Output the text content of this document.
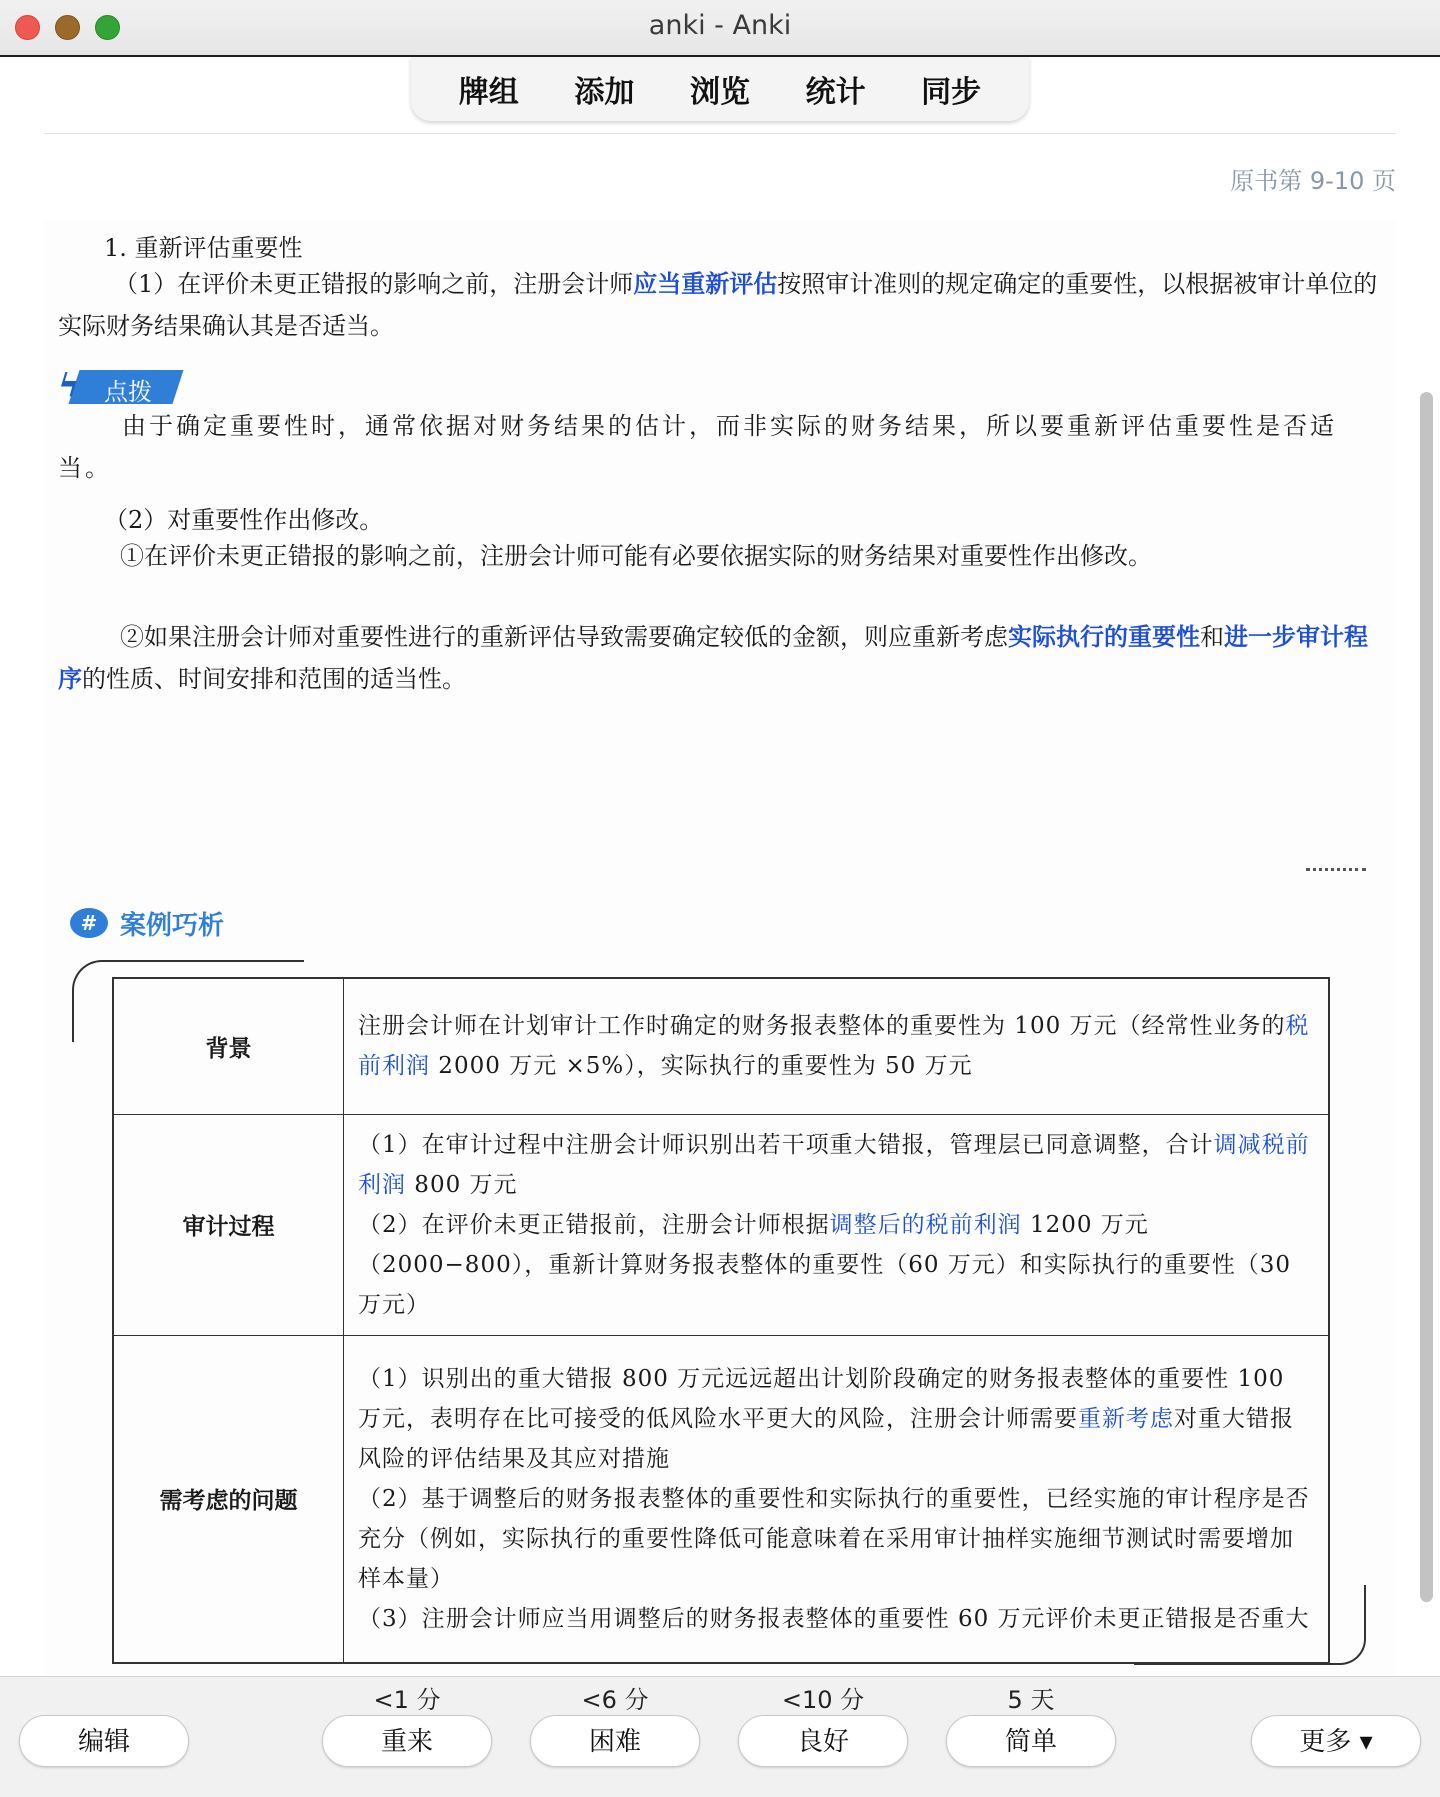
anki - Anki
牌组 添加 浏览 统计 同步
原书第 9-10 页
1. 重新评估重要性
（1）在评价未更正错报的影响之前，注册会计师应当重新评估按照审计准则的规定确定的重要性，以根据被审计单位的实际财务结果确认其是否适当。
ϟ 点拨
由于确定重要性时，通常依据对财务结果的估计，而非实际的财务结果，所以要重新评估重要性是否适当。
（2）对重要性作出修改。
①在评价未更正错报的影响之前，注册会计师可能有必要依据实际的财务结果对重要性作出修改。
②如果注册会计师对重要性进行的重新评估导致需要确定较低的金额，则应重新考虑实际执行的重要性和进一步审计程序的性质、时间安排和范围的适当性。
# 案例巧析
背景	注册会计师在计划审计工作时确定的财务报表整体的重要性为 100 万元（经常性业务的税前利润 2000 万元 ×5%），实际执行的重要性为 50 万元
审计过程	（1）在审计过程中注册会计师识别出若干项重大错报，管理层已同意调整，合计调减税前利润 800 万元
（2）在评价未更正错报前，注册会计师根据调整后的税前利润 1200 万元（2000−800），重新计算财务报表整体的重要性（60 万元）和实际执行的重要性（30 万元）

需考虑的问题	（1）识别出的重大错报 800 万元远远超出计划阶段确定的财务报表整体的重要性 100 万元，表明存在比可接受的低风险水平更大的风险，注册会计师需要重新考虑对重大错报风险的评估结果及其应对措施
（2）基于调整后的财务报表整体的重要性和实际执行的重要性，已经实施的审计程序是否充分（例如，实际执行的重要性降低可能意味着在采用审计抽样实施细节测试时需要增加样本量）
（3）注册会计师应当用调整后的财务报表整体的重要性 60 万元评价未更正错报是否重大
<1 分	<6 分	<10 分	5 天
编辑	重来	困难	良好	简单	更多 ▾
